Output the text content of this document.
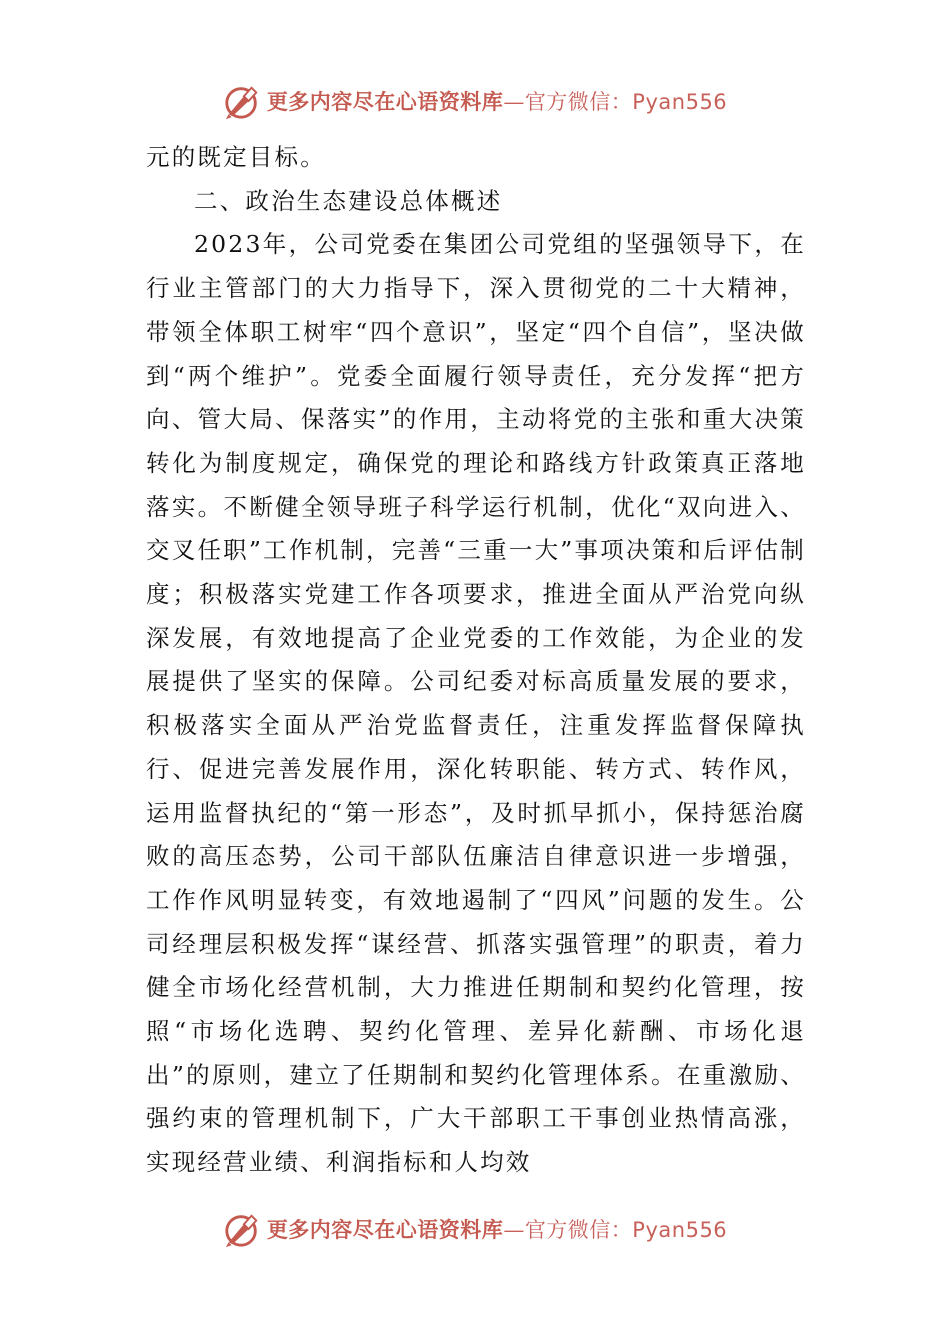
更多内容尽在心语资料库—官方微信：Pyan556

元的既定目标。

二、政治生态建设总体概述

2023年，公司党委在集团公司党组的坚强领导下，在行业主管部门的大力指导下，深入贯彻党的二十大精神，带领全体职工树牢“四个意识”，坚定“四个自信”，坚决做到“两个维护”。党委全面履行领导责任，充分发挥“把方向、管大局、保落实”的作用，主动将党的主张和重大决策转化为制度规定，确保党的理论和路线方针政策真正落地落实。不断健全领导班子科学运行机制，优化“双向进入、交叉任职”工作机制，完善“三重一大”事项决策和后评估制度；积极落实党建工作各项要求，推进全面从严治党向纵深发展，有效地提高了企业党委的工作效能，为企业的发展提供了坚实的保障。公司纪委对标高质量发展的要求，积极落实全面从严治党监督责任，注重发挥监督保障执行、促进完善发展作用，深化转职能、转方式、转作风，运用监督执纪的“第一形态”，及时抓早抓小，保持惩治腐败的高压态势，公司干部队伍廉洁自律意识进一步增强，工作作风明显转变，有效地遏制了“四风”问题的发生。公司经理层积极发挥“谋经营、抓落实强管理”的职责，着力健全市场化经营机制，大力推进任期制和契约化管理，按照“市场化选聘、契约化管理、差异化薪酬、市场化退出”的原则，建立了任期制和契约化管理体系。在重激励、强约束的管理机制下，广大干部职工干事创业热情高涨，实现经营业绩、利润指标和人均效

更多内容尽在心语资料库—官方微信：Pyan556
